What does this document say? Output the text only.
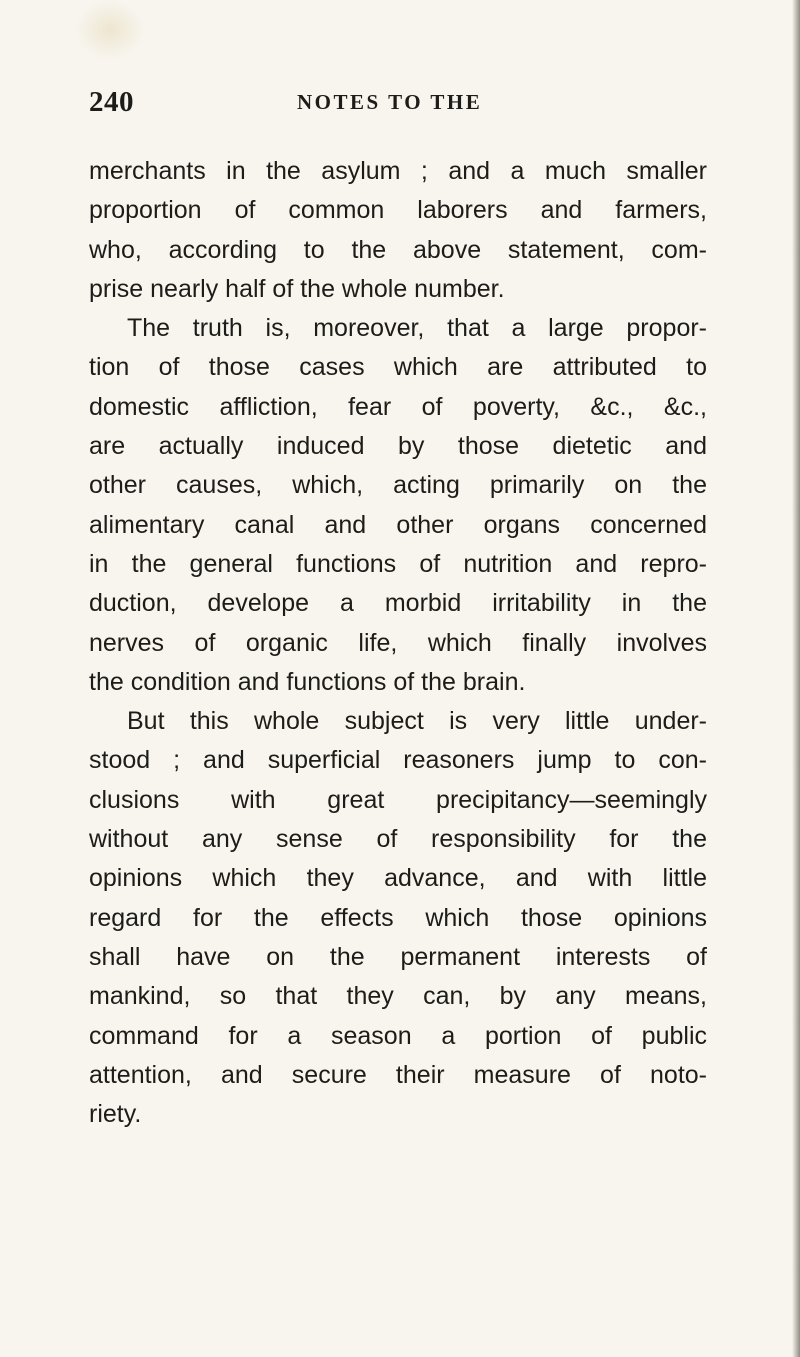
240	NOTES TO THE
merchants in the asylum ; and a much smaller
proportion of common laborers and farmers,
who, according to the above statement, com-
prise nearly half of the whole number.
The truth is, moreover, that a large propor-
tion of those cases which are attributed to
domestic affliction, fear of poverty, &c., &c.,
are actually induced by those dietetic and
other causes, which, acting primarily on the
alimentary canal and other organs concerned
in the general functions of nutrition and repro-
duction, develope a morbid irritability in the
nerves of organic life, which finally involves
the condition and functions of the brain.
But this whole subject is very little under-
stood ; and superficial reasoners jump to con-
clusions with great precipitancy—seemingly
without any sense of responsibility for the
opinions which they advance, and with little
regard for the effects which those opinions
shall have on the permanent interests of
mankind, so that they can, by any means,
command for a season a portion of public
attention, and secure their measure of noto-
riety.
